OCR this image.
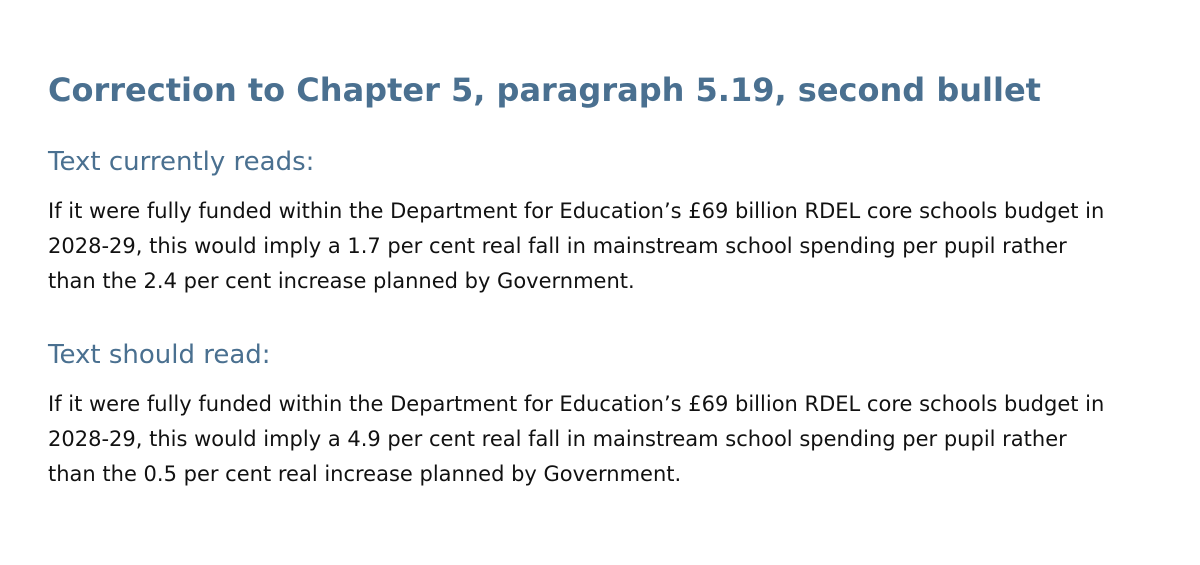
Correction to Chapter 5, paragraph 5.19, second bullet
Text currently reads:

If it were fully funded within the Department for Education’s £69 billion RDEL core schools budget in
2028-29, this would imply a 1.7 per cent real fall in mainstream school spending per pupil rather
than the 2.4 per cent increase planned by Government.

Text should read:

If it were fully funded within the Department for Education’s £69 billion RDEL core schools budget in
2028-29, this would imply a 4.9 per cent real fall in mainstream school spending per pupil rather
than the 0.5 per cent real increase planned by Government.
